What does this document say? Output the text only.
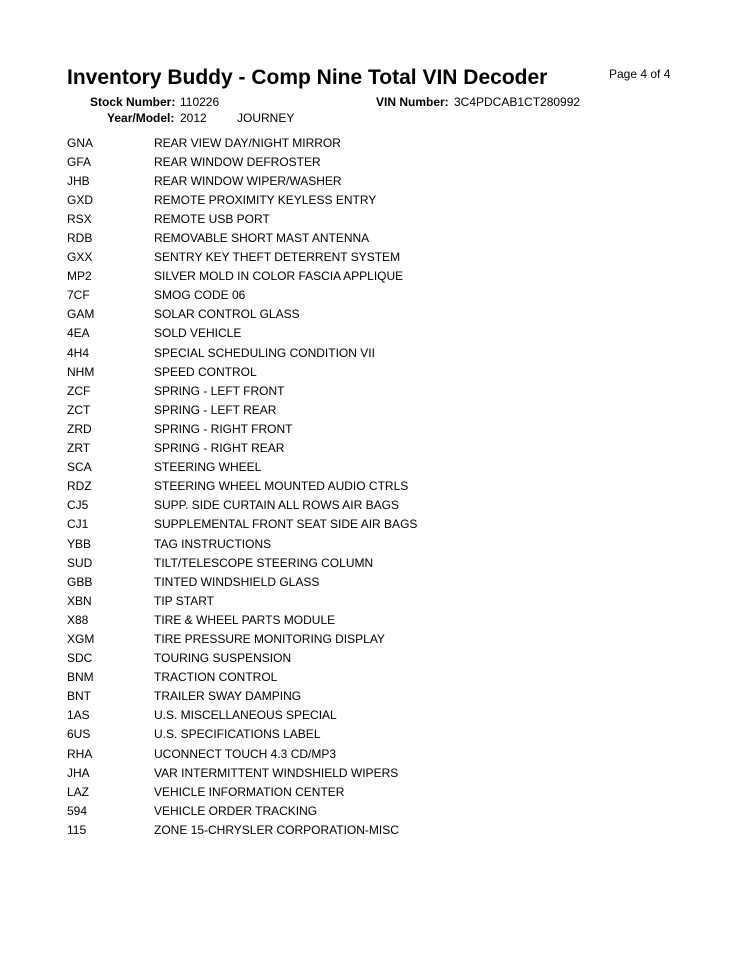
Inventory Buddy - Comp Nine Total VIN Decoder	Page 4 of 4
Stock Number: 110226	VIN Number: 3C4PDCAB1CT280992
Year/Model: 2012	JOURNEY
GNA	REAR VIEW DAY/NIGHT MIRROR
GFA	REAR WINDOW DEFROSTER
JHB	REAR WINDOW WIPER/WASHER
GXD	REMOTE PROXIMITY KEYLESS ENTRY
RSX	REMOTE USB PORT
RDB	REMOVABLE SHORT MAST ANTENNA
GXX	SENTRY KEY THEFT DETERRENT SYSTEM
MP2	SILVER MOLD IN COLOR FASCIA APPLIQUE
7CF	SMOG CODE 06
GAM	SOLAR CONTROL GLASS
4EA	SOLD VEHICLE
4H4	SPECIAL SCHEDULING CONDITION VII
NHM	SPEED CONTROL
ZCF	SPRING - LEFT FRONT
ZCT	SPRING - LEFT REAR
ZRD	SPRING - RIGHT FRONT
ZRT	SPRING - RIGHT REAR
SCA	STEERING WHEEL
RDZ	STEERING WHEEL MOUNTED AUDIO CTRLS
CJ5	SUPP. SIDE CURTAIN ALL ROWS AIR BAGS
CJ1	SUPPLEMENTAL FRONT SEAT SIDE AIR BAGS
YBB	TAG INSTRUCTIONS
SUD	TILT/TELESCOPE STEERING COLUMN
GBB	TINTED WINDSHIELD GLASS
XBN	TIP START
X88	TIRE & WHEEL PARTS MODULE
XGM	TIRE PRESSURE MONITORING DISPLAY
SDC	TOURING SUSPENSION
BNM	TRACTION CONTROL
BNT	TRAILER SWAY DAMPING
1AS	U.S. MISCELLANEOUS SPECIAL
6US	U.S. SPECIFICATIONS LABEL
RHA	UCONNECT TOUCH 4.3 CD/MP3
JHA	VAR INTERMITTENT WINDSHIELD WIPERS
LAZ	VEHICLE INFORMATION CENTER
594	VEHICLE ORDER TRACKING
115	ZONE 15-CHRYSLER CORPORATION-MISC
